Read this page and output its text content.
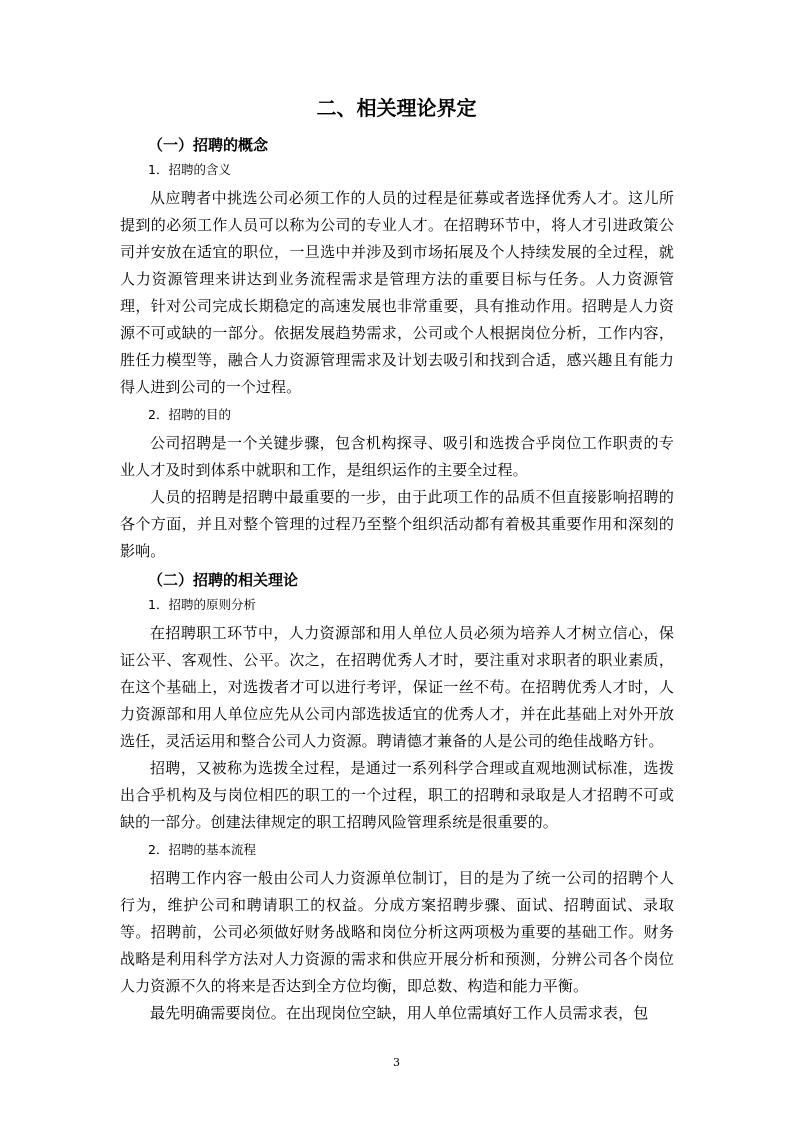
二、相关理论界定
（一）招聘的概念
1．招聘的含义

从应聘者中挑选公司必须工作的人员的过程是征募或者选择优秀人才。这儿所提到的必须工作人员可以称为公司的专业人才。在招聘环节中，将人才引进政策公司并安放在适宜的职位，一旦选中并涉及到市场拓展及个人持续发展的全过程，就人力资源管理来讲达到业务流程需求是管理方法的重要目标与任务。人力资源管理，针对公司完成长期稳定的高速发展也非常重要，具有推动作用。招聘是人力资源不可或缺的一部分。依据发展趋势需求，公司或个人根据岗位分析，工作内容，胜任力模型等，融合人力资源管理需求及计划去吸引和找到合适，感兴趣且有能力得人进到公司的一个过程。

2．招聘的目的

公司招聘是一个关键步骤，包含机构探寻、吸引和选拨合乎岗位工作职责的专业人才及时到体系中就职和工作，是组织运作的主要全过程。

人员的招聘是招聘中最重要的一步，由于此项工作的品质不但直接影响招聘的各个方面，并且对整个管理的过程乃至整个组织活动都有着极其重要作用和深刻的影响。

（二）招聘的相关理论
1．招聘的原则分析

在招聘职工环节中，人力资源部和用人单位人员必须为培养人才树立信心，保证公平、客观性、公平。次之，在招聘优秀人才时，要注重对求职者的职业素质，在这个基础上，对选拨者才可以进行考评，保证一丝不苟。在招聘优秀人才时，人力资源部和用人单位应先从公司内部选拔适宜的优秀人才，并在此基础上对外开放选任，灵活运用和整合公司人力资源。聘请德才兼备的人是公司的绝佳战略方针。

招聘，又被称为选拨全过程，是通过一系列科学合理或直观地测试标准，选拨出合乎机构及与岗位相匹的职工的一个过程，职工的招聘和录取是人才招聘不可或缺的一部分。创建法律规定的职工招聘风险管理系统是很重要的。

2．招聘的基本流程

招聘工作内容一般由公司人力资源单位制订，目的是为了统一公司的招聘个人行为，维护公司和聘请职工的权益。分成方案招聘步骤、面试、招聘面试、录取等。招聘前，公司必须做好财务战略和岗位分析这两项极为重要的基础工作。财务战略是利用科学方法对人力资源的需求和供应开展分析和预测，分辨公司各个岗位人力资源不久的将来是否达到全方位均衡，即总数、构造和能力平衡。

最先明确需要岗位。在出现岗位空缺，用人单位需填好工作人员需求表，包

3
